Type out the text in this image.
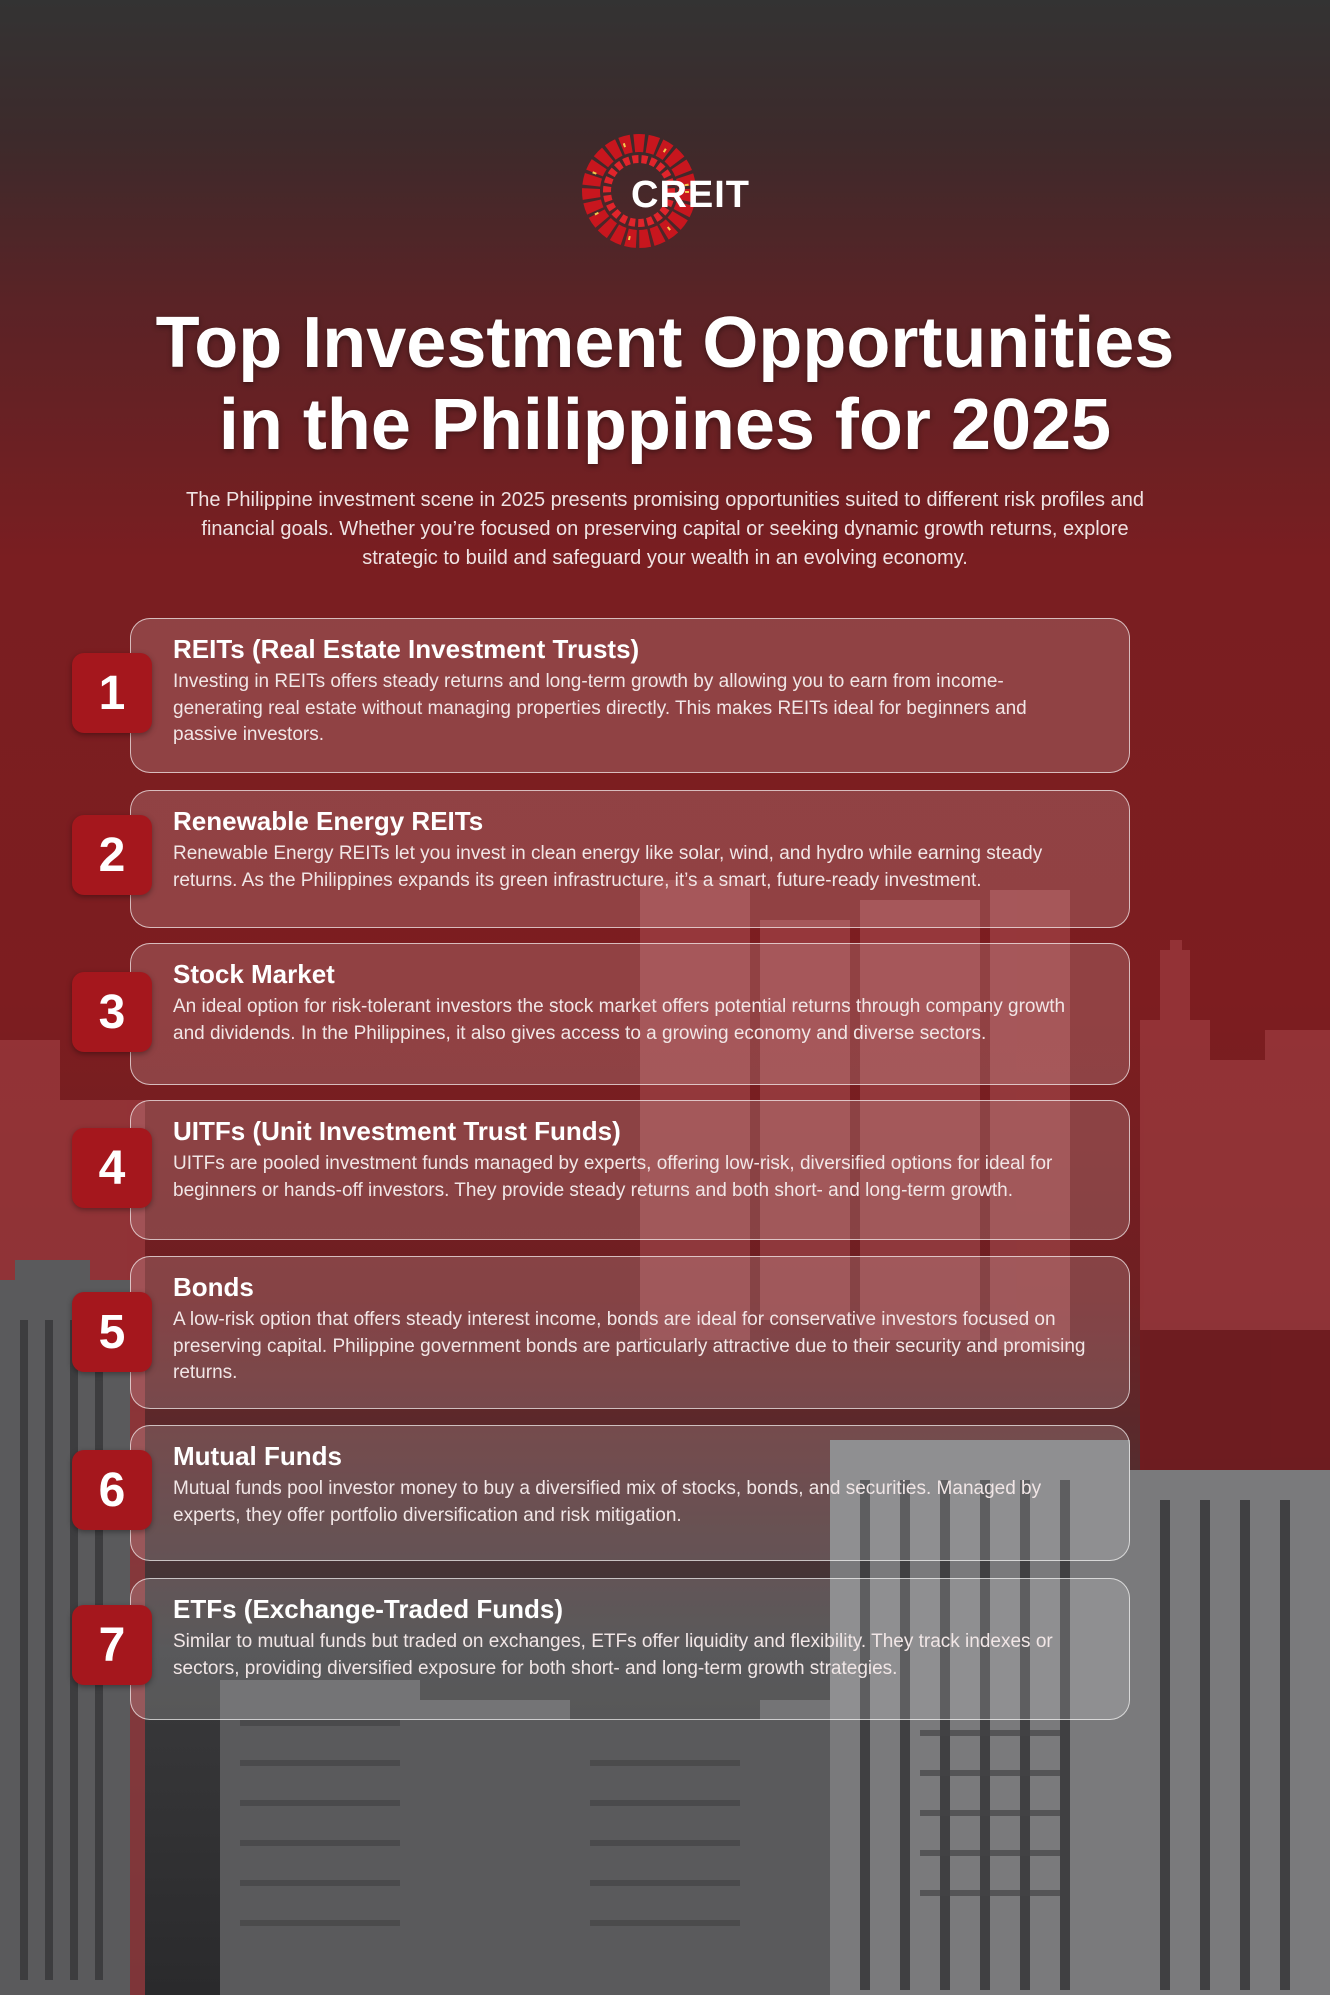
CREIT
Top Investment Opportunities
in the Philippines for 2025

The Philippine investment scene in 2025 presents promising opportunities suited to different risk profiles and
financial goals. Whether you’re focused on preserving capital or seeking dynamic growth returns, explore
strategic to build and safeguard your wealth in an evolving economy.

1
REITs (Real Estate Investment Trusts)

Investing in REITs offers steady returns and long-term growth by allowing you to earn from income-generating real estate without managing properties directly. This makes REITs ideal for beginners and passive investors.

2
Renewable Energy REITs

Renewable Energy REITs let you invest in clean energy like solar, wind, and hydro while earning steady returns. As the Philippines expands its green infrastructure, it’s a smart, future-ready investment.

3
Stock Market

An ideal option for risk-tolerant investors the stock market offers potential returns through company growth and dividends. In the Philippines, it also gives access to a growing economy and diverse sectors.

4
UITFs (Unit Investment Trust Funds)

UITFs are pooled investment funds managed by experts, offering low-risk, diversified options for ideal for beginners or hands-off investors. They provide steady returns and both short- and long-term growth.

5
Bonds

A low-risk option that offers steady interest income, bonds are ideal for conservative investors focused on preserving capital. Philippine government bonds are particularly attractive due to their security and promising returns.

6
Mutual Funds

Mutual funds pool investor money to buy a diversified mix of stocks, bonds, and securities. Managed by experts, they offer portfolio diversification and risk mitigation.

7
ETFs (Exchange-Traded Funds)

Similar to mutual funds but traded on exchanges, ETFs offer liquidity and flexibility. They track indexes or sectors, providing diversified exposure for both short- and long-term growth strategies.
